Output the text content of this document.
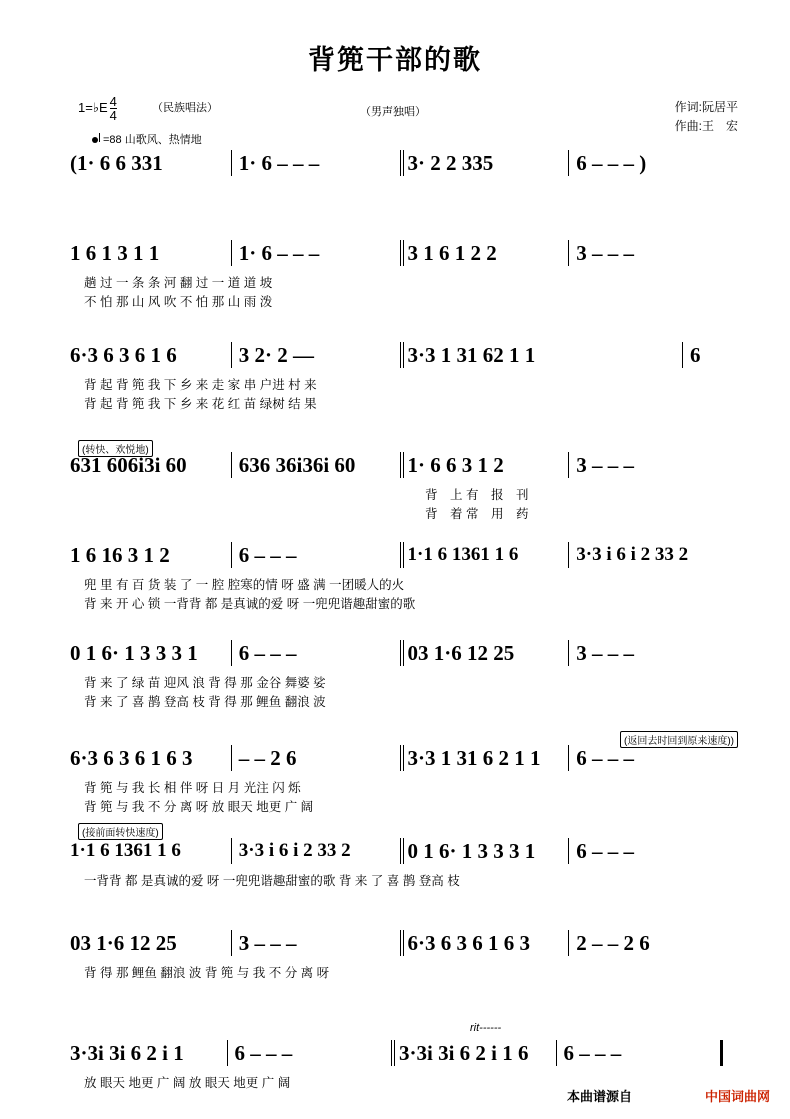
背篼干部的歌
1=♭E $\frac{4}{4}$	（民族唱法）	（男声独唱）	作词:阮居平
作曲:王　宏
=88 山歌风、热情地
(1· 6 6 331	1· 6 – – –	3· 2 2 335	6 – – – )
1 6 1 3 1 1	1· 6 – – –	3 1 6 1 2 2	3 – – –
趟 过 一 条 条 河 翻 过 一 道 道 坡
不 怕 那 山 风 吹 不 怕 那 山 雨 泼
6·3 6 3 6 1 6	3 2· 2 —	3·3 1 31 62 1 1	6
背 起 背 篼 我 下 乡 来 走 家 串 户进 村 来
背 起 背 篼 我 下 乡 来 花 红 苗 绿树 结 果
(转快、欢悦地)
631 606i3i 60	636 36i36i 60	1· 6 6 3 1 2	3 – – –
背　上 有　报　刊
背　着 常　用　药
1 6 16 3 1 2	6 – – –	1·1 6 1361 1 6	3·3 i 6 i 2 33 2
兜 里 有 百 货 装 了 一 腔 腔寒的情 呀 盛 满 一团暖人的火
背 来 开 心 锁 一背背 都 是真诚的爱 呀 一兜兜谐趣甜蜜的歌
0 1 6· 1 3 3 3 1	6 – – –	03 1·6 12 25	3 – – –
背 来 了 绿 苗 迎风 浪 背 得 那 金谷 舞婆 娑
背 来 了 喜 鹊 登高 枝 背 得 那 鲤鱼 翻浪 波
(返回去时回到原来速度))
6·3 6 3 6 1 6 3	– – 2 6	3·3 1 31 6 2 1 1	6 – – –
背 篼 与 我 长 相 伴 呀 日 月 光注 闪 烁
背 篼 与 我 不 分 离 呀 放 眼天 地更 广 阔
(接前面转快速度)
1·1 6 1361 1 6	3·3 i 6 i 2 33 2	0 1 6· 1 3 3 3 1	6 – – –
一背背 都 是真诚的爱 呀 一兜兜谐趣甜蜜的歌 背 来 了 喜 鹊 登高 枝
03 1·6 12 25	3 – – –	6·3 6 3 6 1 6 3	2 – – 2 6
背 得 那 鲤鱼 翻浪 波 背 篼 与 我 不 分 离 呀
rit------
3·3i 3i 6 2 i 1	6 – – –	3·3i 3i 6 2 i 1 6	6 – – –
放 眼天 地更 广 阔 放 眼天 地更 广 阔
本曲谱源自	中国词曲网
